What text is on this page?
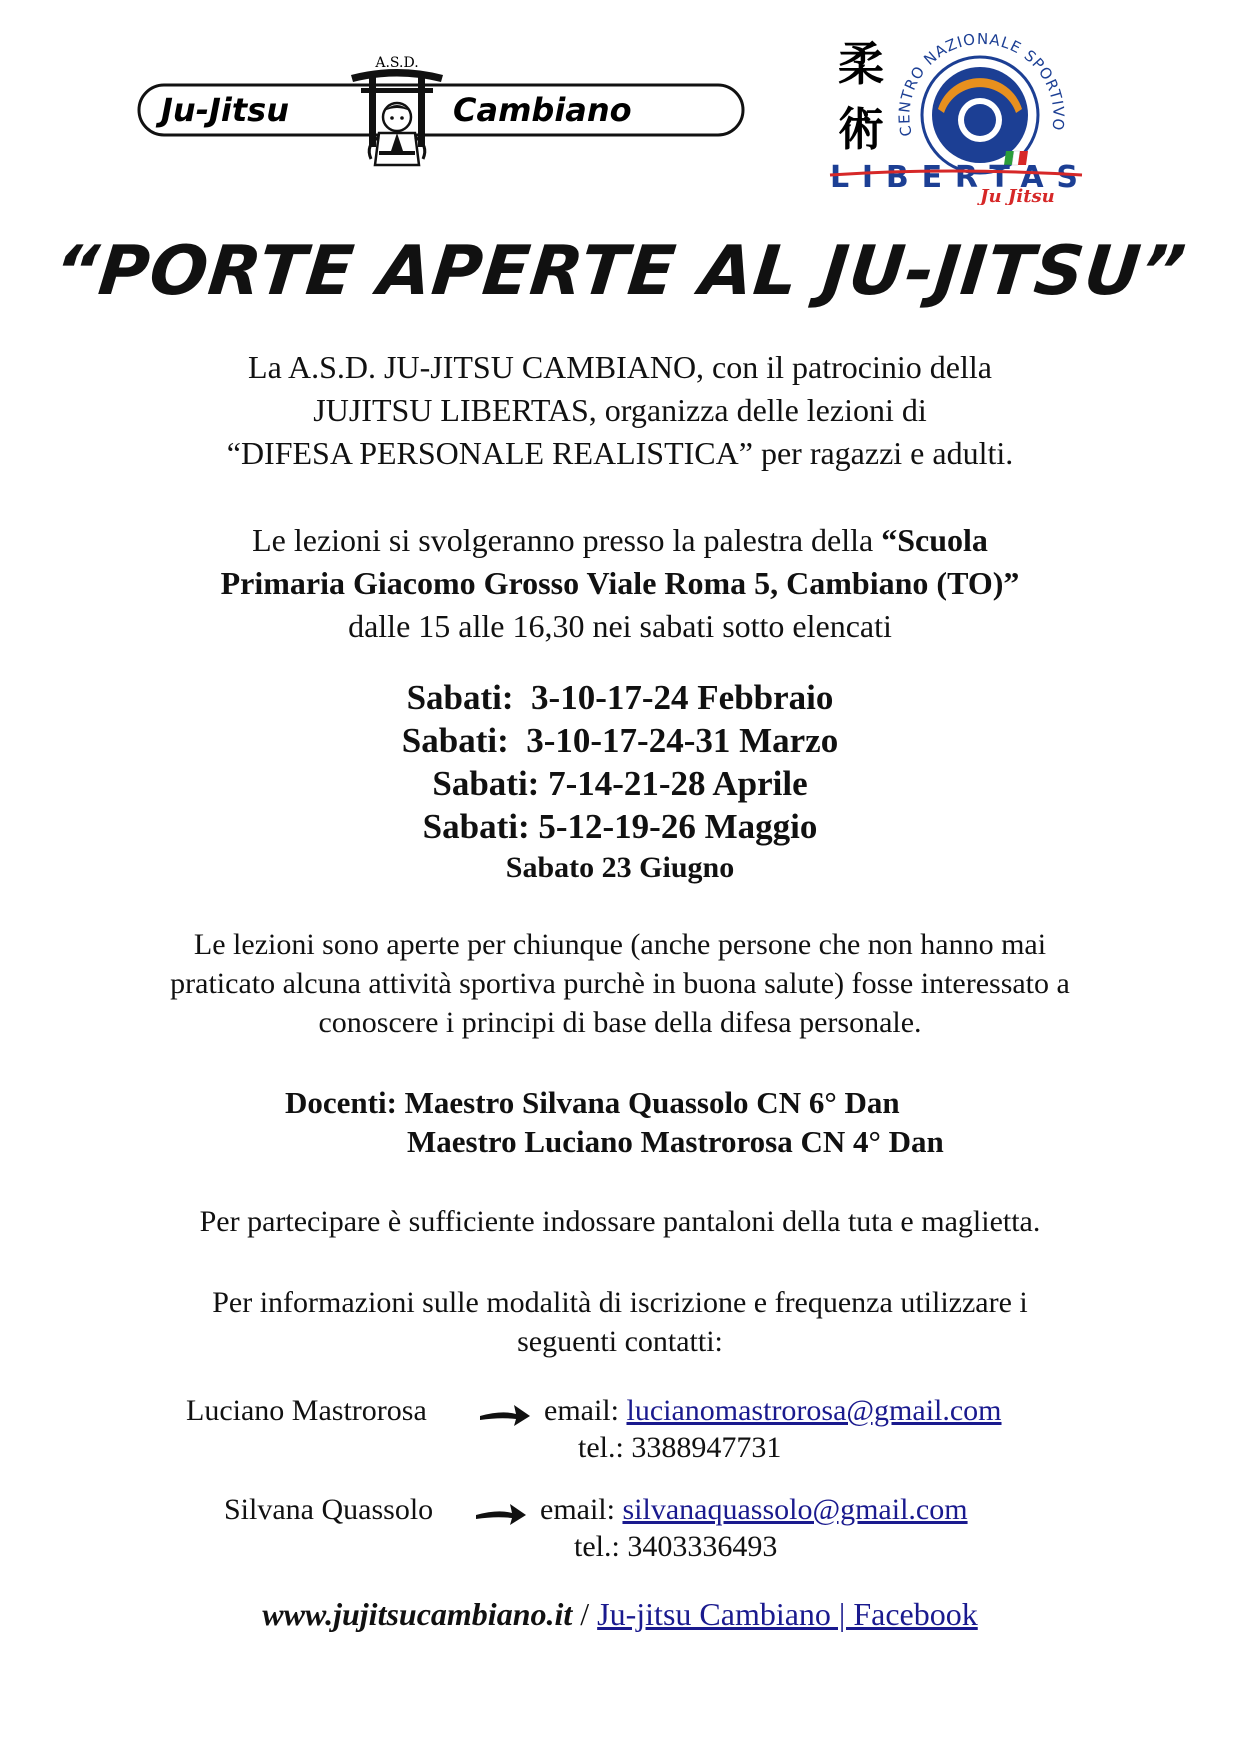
A.S.D.
Ju-Jitsu	Cambiano
柔
術 CENTRO NAZIONALE SPORTIVO
LIBERTAS
Ju Jitsu
“PORTE APERTE AL JU-JITSU”
La A.S.D. JU-JITSU CAMBIANO, con il patrocinio della
JUJITSU LIBERTAS, organizza delle lezioni di
“DIFESA PERSONALE REALISTICA” per ragazzi e adulti.
Le lezioni si svolgeranno presso la palestra della “Scuola
Primaria Giacomo Grosso Viale Roma 5, Cambiano (TO)”
dalle 15 alle 16,30 nei sabati sotto elencati
Sabati:  3-10-17-24 Febbraio
Sabati:  3-10-17-24-31 Marzo
Sabati: 7-14-21-28 Aprile
Sabati: 5-12-19-26 Maggio
Sabato 23 Giugno
Le lezioni sono aperte per chiunque (anche persone che non hanno mai
praticato alcuna attività sportiva purchè in buona salute) fosse interessato a
conoscere i principi di base della difesa personale.
Docenti: Maestro Silvana Quassolo CN 6° Dan
Maestro Luciano Mastrorosa CN 4° Dan
Per partecipare è sufficiente indossare pantaloni della tuta e maglietta.
Per informazioni sulle modalità di iscrizione e frequenza utilizzare i
seguenti contatti:
Luciano Mastrorosa	email: lucianomastrorosa@gmail.com
tel.: 3388947731
Silvana Quassolo	email: silvanaquassolo@gmail.com
tel.: 3403336493
www.jujitsucambiano.it / Ju-jitsu Cambiano | Facebook
